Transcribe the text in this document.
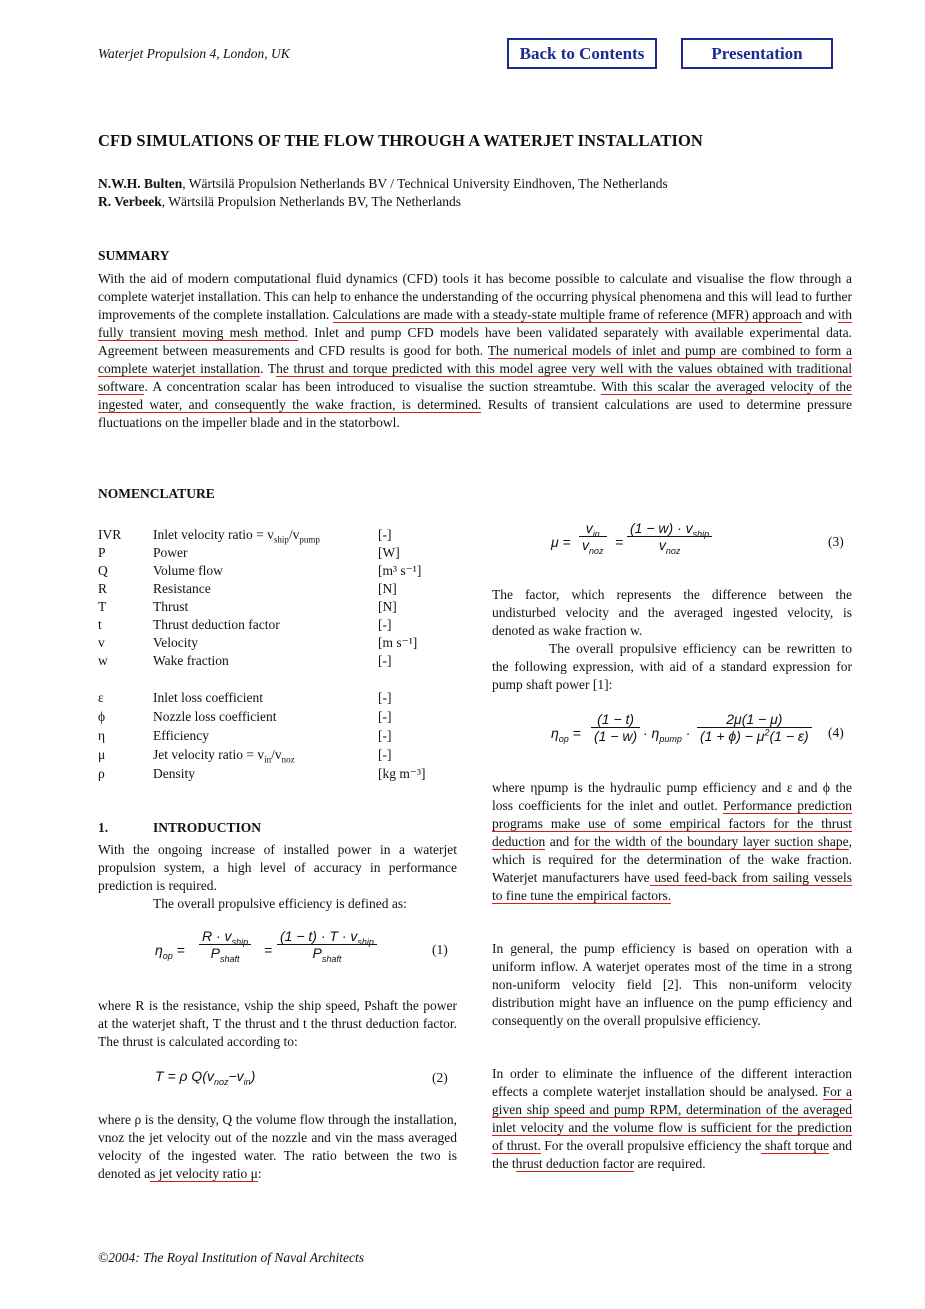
Waterjet Propulsion 4, London, UK	Back to Contents	Presentation
CFD SIMULATIONS OF THE FLOW THROUGH A WATERJET INSTALLATION
N.W.H. Bulten, Wärtsilä Propulsion Netherlands BV / Technical University Eindhoven, The Netherlands
R. Verbeek, Wärtsilä Propulsion Netherlands BV, The Netherlands
SUMMARY
With the aid of modern computational fluid dynamics (CFD) tools it has become possible to calculate and visualise the flow through a complete waterjet installation. This can help to enhance the understanding of the occurring physical phenomena and this will lead to further improvements of the complete installation. Calculations are made with a steady-state multiple frame of reference (MFR) approach and with fully transient moving mesh method. Inlet and pump CFD models have been validated separately with available experimental data. Agreement between measurements and CFD results is good for both. The numerical models of inlet and pump are combined to form a complete waterjet installation. The thrust and torque predicted with this model agree very well with the values obtained with traditional software. A concentration scalar has been introduced to visualise the suction streamtube. With this scalar the averaged velocity of the ingested water, and consequently the wake fraction, is determined. Results of transient calculations are used to determine pressure fluctuations on the impeller blade and in the statorbowl.
NOMENCLATURE
IVR Inlet velocity ratio = $v_{ship}/v_{pump}$	[-]
P	Power	[W]
Q	Volume flow	[m³ s⁻¹]
R	Resistance	[N]
T	Thrust	[N]
t	Thrust deduction factor	[-]
v	Velocity	[m s⁻¹]
w	Wake fraction	[-]
ε	Inlet loss coefficient	[-]
ϕ	Nozzle loss coefficient	[-]
η	Efficiency	[-]
μ	Jet velocity ratio = $v_{in}/v_{noz}$	[-]
ρ	Density	[kg m⁻³]
1.	INTRODUCTION
With the ongoing increase of installed power in a waterjet propulsion system, a high level of accuracy in performance prediction is required.
The overall propulsive efficiency is defined as:
$\eta_{op}$ =
$R \cdot v_{ship}$
$P_{shaft}$
=
$(1 - t) \cdot T \cdot v_{ship}$
$P_{shaft}$
(1)
where R is the resistance, vship the ship speed, Pshaft the power at the waterjet shaft, T the thrust and t the thrust deduction factor. The thrust is calculated according to:
T = ρ $Q(v_{noz}-v_{in})$	(2)
where ρ is the density, Q the volume flow through the installation, vnoz the jet velocity out of the nozzle and vin the mass averaged velocity of the ingested water. The ratio between the two is denoted as jet velocity ratio μ:
μ =
$v_{in}$
$v_{noz}$
=
$(1 - w) \cdot v_{ship}$
$v_{noz}$
(3)
The factor, which represents the difference between the undisturbed velocity and the averaged ingested velocity, is denoted as wake fraction w.
The overall propulsive efficiency can be rewritten to the following expression, with aid of a standard expression for pump shaft power [1]:
$\eta_{op} = \frac{(1 - t)}{(1 - w)} \cdot \eta_{pump} \cdot \frac{2\mu(1 - \mu)}{(1 + \phi) - \mu^2(1 - \varepsilon)} (4)$
where ηpump is the hydraulic pump efficiency and ε and ϕ the loss coefficients for the inlet and outlet. Performance prediction programs make use of some empirical factors for the thrust deduction and for the width of the boundary layer suction shape, which is required for the determination of the wake fraction. Waterjet manufacturers have used feed-back from sailing vessels to fine tune the empirical factors.
In general, the pump efficiency is based on operation with a uniform inflow. A waterjet operates most of the time in a strong non-uniform velocity field [2]. This non-uniform velocity distribution might have an influence on the pump efficiency and consequently on the overall propulsive efficiency.
In order to eliminate the influence of the different interaction effects a complete waterjet installation should be analysed. For a given ship speed and pump RPM, determination of the averaged inlet velocity and the volume flow is sufficient for the prediction of thrust. For the overall propulsive efficiency the shaft torque and the thrust deduction factor are required.
©2004: The Royal Institution of Naval Architects
